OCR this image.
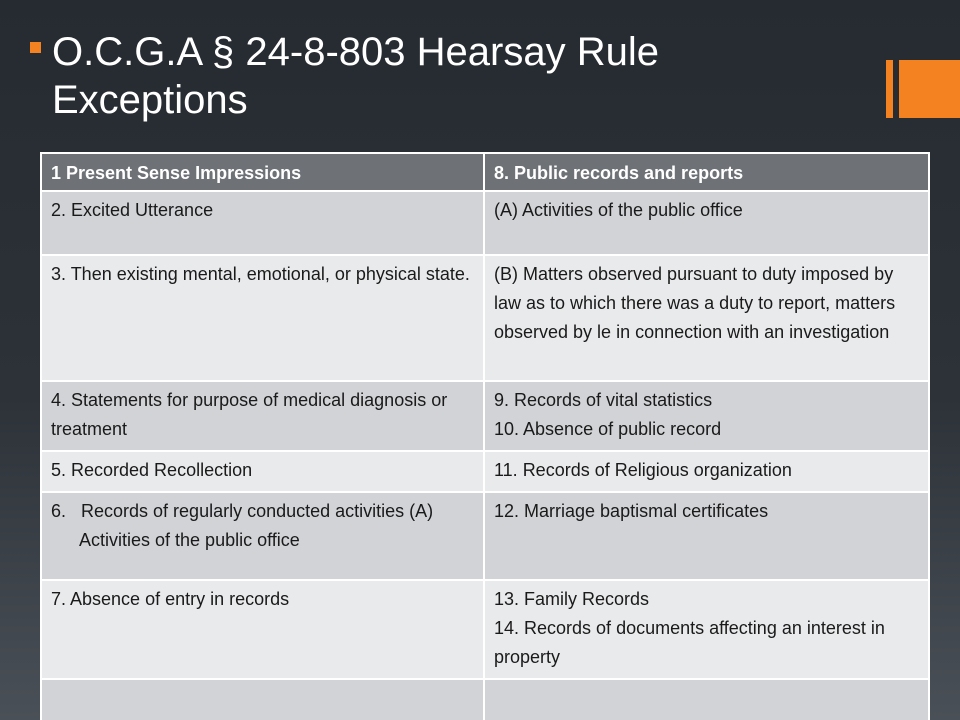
O.C.G.A § 24-8-803 Hearsay Rule Exceptions
1 Present Sense Impressions	8. Public records and reports

2. Excited Utterance	(A) Activities of the public office

3. Then existing mental, emotional, or physical state.	(B) Matters observed pursuant to duty imposed by law as to which there was a duty to report, matters observed by le in connection with an investigation

4. Statements for purpose of medical diagnosis or treatment	9. Records of vital statistics
10. Absence of public record

5. Recorded Recollection	11. Records of Religious organization

6.   Records of regularly conducted activities (A) Activities of the public office	12. Marriage baptismal certificates

7. Absence of entry in records	13. Family Records
14. Records of documents affecting an interest in property
